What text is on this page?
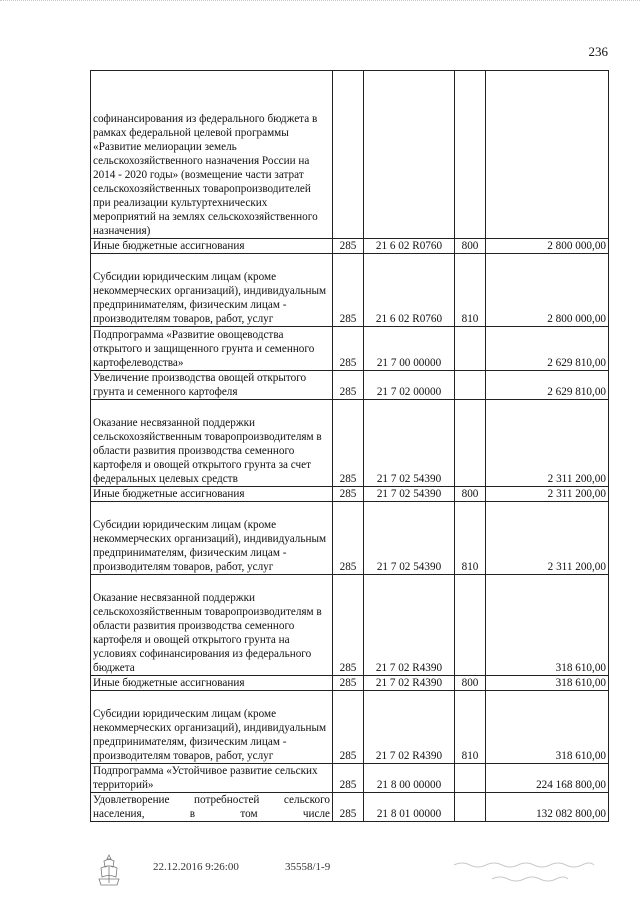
236
софинансирования из федерального бюджета в рамках федеральной целевой программы «Развитие мелиорации земель сельскохозяйственного назначения России на 2014 - 2020 годы» (возмещение части затрат сельскохозяйственных товаропроизводителей при реализации культуртехнических мероприятий на землях сельскохозяйственного назначения)				

Иные бюджетные ассигнования	285	21 6 02 R0760	800	2 800 000,00

Субсидии юридическим лицам (кроме некоммерческих организаций), индивидуальным предпринимателям, физическим лицам - производителям товаров, работ, услуг	285	21 6 02 R0760	810	2 800 000,00

Подпрограмма «Развитие овощеводства открытого и защищенного грунта и семенного картофелеводства»	285	21 7 00 00000		2 629 810,00

Увеличение производства овощей открытого грунта и семенного картофеля	285	21 7 02 00000		2 629 810,00

Оказание несвязанной поддержки сельскохозяйственным товаропроизводителям в области развития производства семенного картофеля и овощей открытого грунта за счет федеральных целевых средств	285	21 7 02 54390		2 311 200,00

Иные бюджетные ассигнования	285	21 7 02 54390	800	2 311 200,00

Субсидии юридическим лицам (кроме некоммерческих организаций), индивидуальным предпринимателям, физическим лицам - производителям товаров, работ, услуг	285	21 7 02 54390	810	2 311 200,00

Оказание несвязанной поддержки сельскохозяйственным товаропроизводителям в области развития производства семенного картофеля и овощей открытого грунта на условиях софинансирования из федерального бюджета	285	21 7 02 R4390		318 610,00

Иные бюджетные ассигнования	285	21 7 02 R4390	800	318 610,00

Субсидии юридическим лицам (кроме некоммерческих организаций), индивидуальным предпринимателям, физическим лицам - производителям товаров, работ, услуг	285	21 7 02 R4390	810	318 610,00

Подпрограмма «Устойчивое развитие сельских территорий»	285	21 8 00 00000		224 168 800,00

Удовлетворение потребностей сельского населения, в том числе	285	21 8 01 00000		132 082 800,00
22.12.2016 9:26:00	35558/1-9
